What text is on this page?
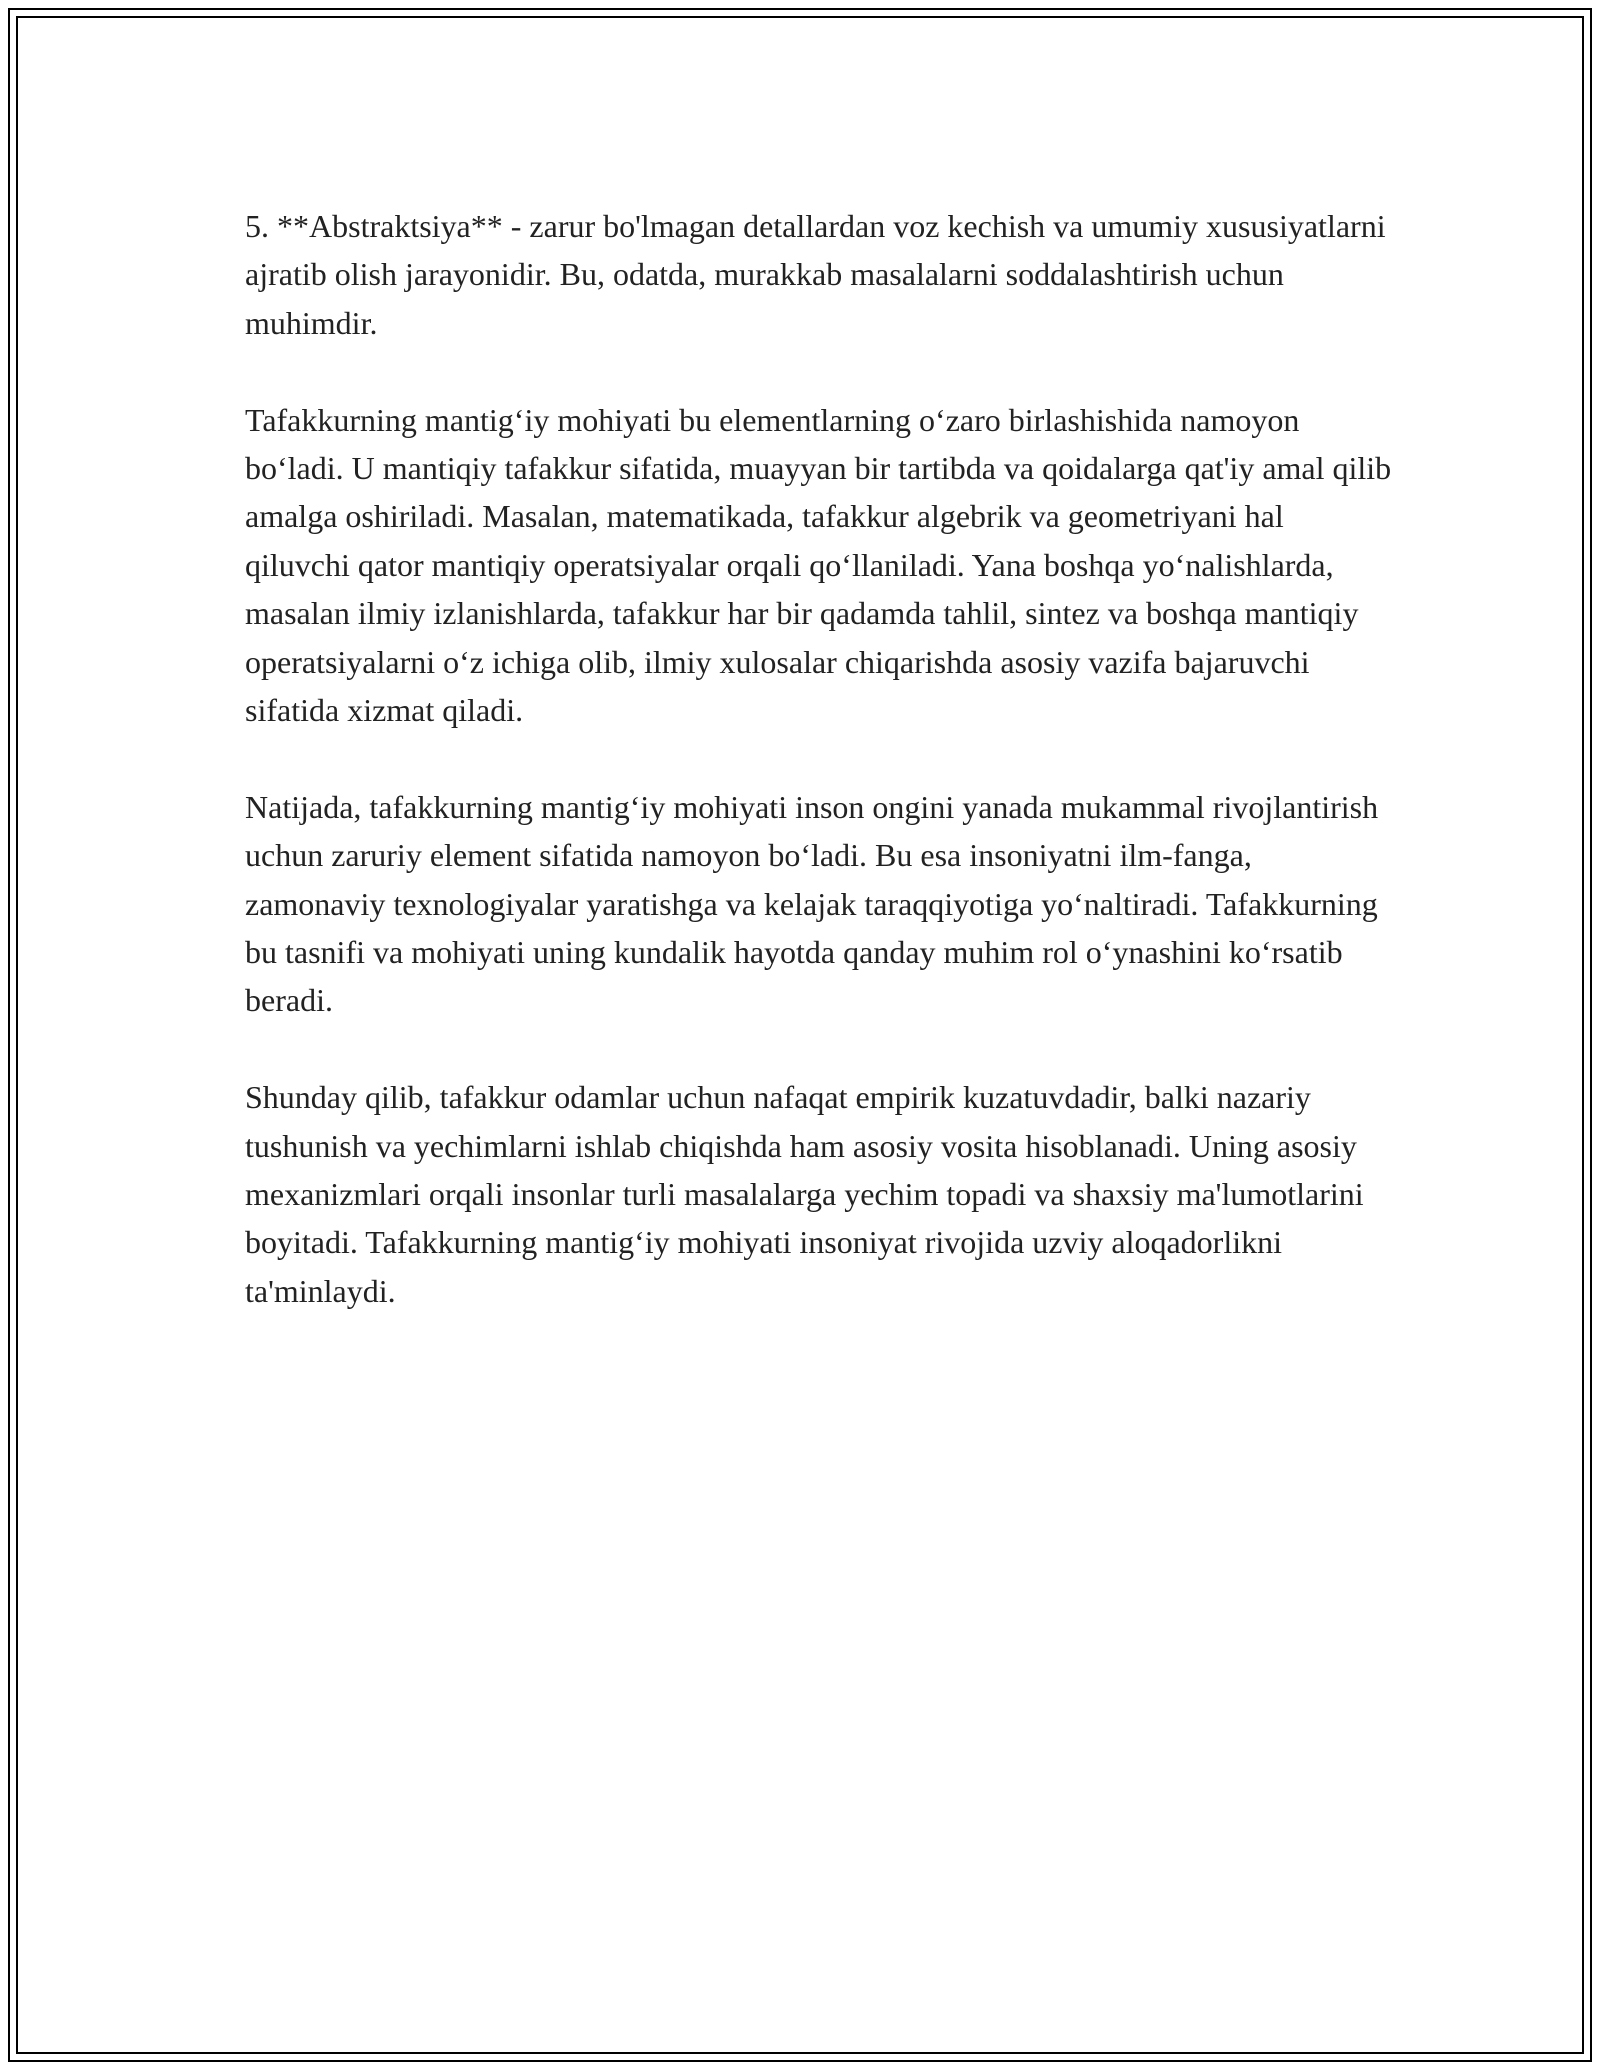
5. **Abstraktsiya** - zarur bo'lmagan detallardan voz kechish va umumiy xususiyatlarni ajratib olish jarayonidir. Bu, odatda, murakkab masalalarni soddalashtirish uchun muhimdir.

Tafakkurning mantig‘iy mohiyati bu elementlarning o‘zaro birlashishida namoyon bo‘ladi. U mantiqiy tafakkur sifatida, muayyan bir tartibda va qoidalarga qat'iy amal qilib amalga oshiriladi. Masalan, matematikada, tafakkur algebrik va geometriyani hal qiluvchi qator mantiqiy operatsiyalar orqali qo‘llaniladi. Yana boshqa yo‘nalishlarda, masalan ilmiy izlanishlarda, tafakkur har bir qadamda tahlil, sintez va boshqa mantiqiy operatsiyalarni o‘z ichiga olib, ilmiy xulosalar chiqarishda asosiy vazifa bajaruvchi sifatida xizmat qiladi.

Natijada, tafakkurning mantig‘iy mohiyati inson ongini yanada mukammal rivojlantirish uchun zaruriy element sifatida namoyon bo‘ladi. Bu esa insoniyatni ilm-fanga, zamonaviy texnologiyalar yaratishga va kelajak taraqqiyotiga yo‘naltiradi. Tafakkurning bu tasnifi va mohiyati uning kundalik hayotda qanday muhim rol o‘ynashini ko‘rsatib beradi.

Shunday qilib, tafakkur odamlar uchun nafaqat empirik kuzatuvdadir, balki nazariy tushunish va yechimlarni ishlab chiqishda ham asosiy vosita hisoblanadi. Uning asosiy mexanizmlari orqali insonlar turli masalalarga yechim topadi va shaxsiy ma'lumotlarini boyitadi. Tafakkurning mantig‘iy mohiyati insoniyat rivojida uzviy aloqadorlikni ta'minlaydi.
